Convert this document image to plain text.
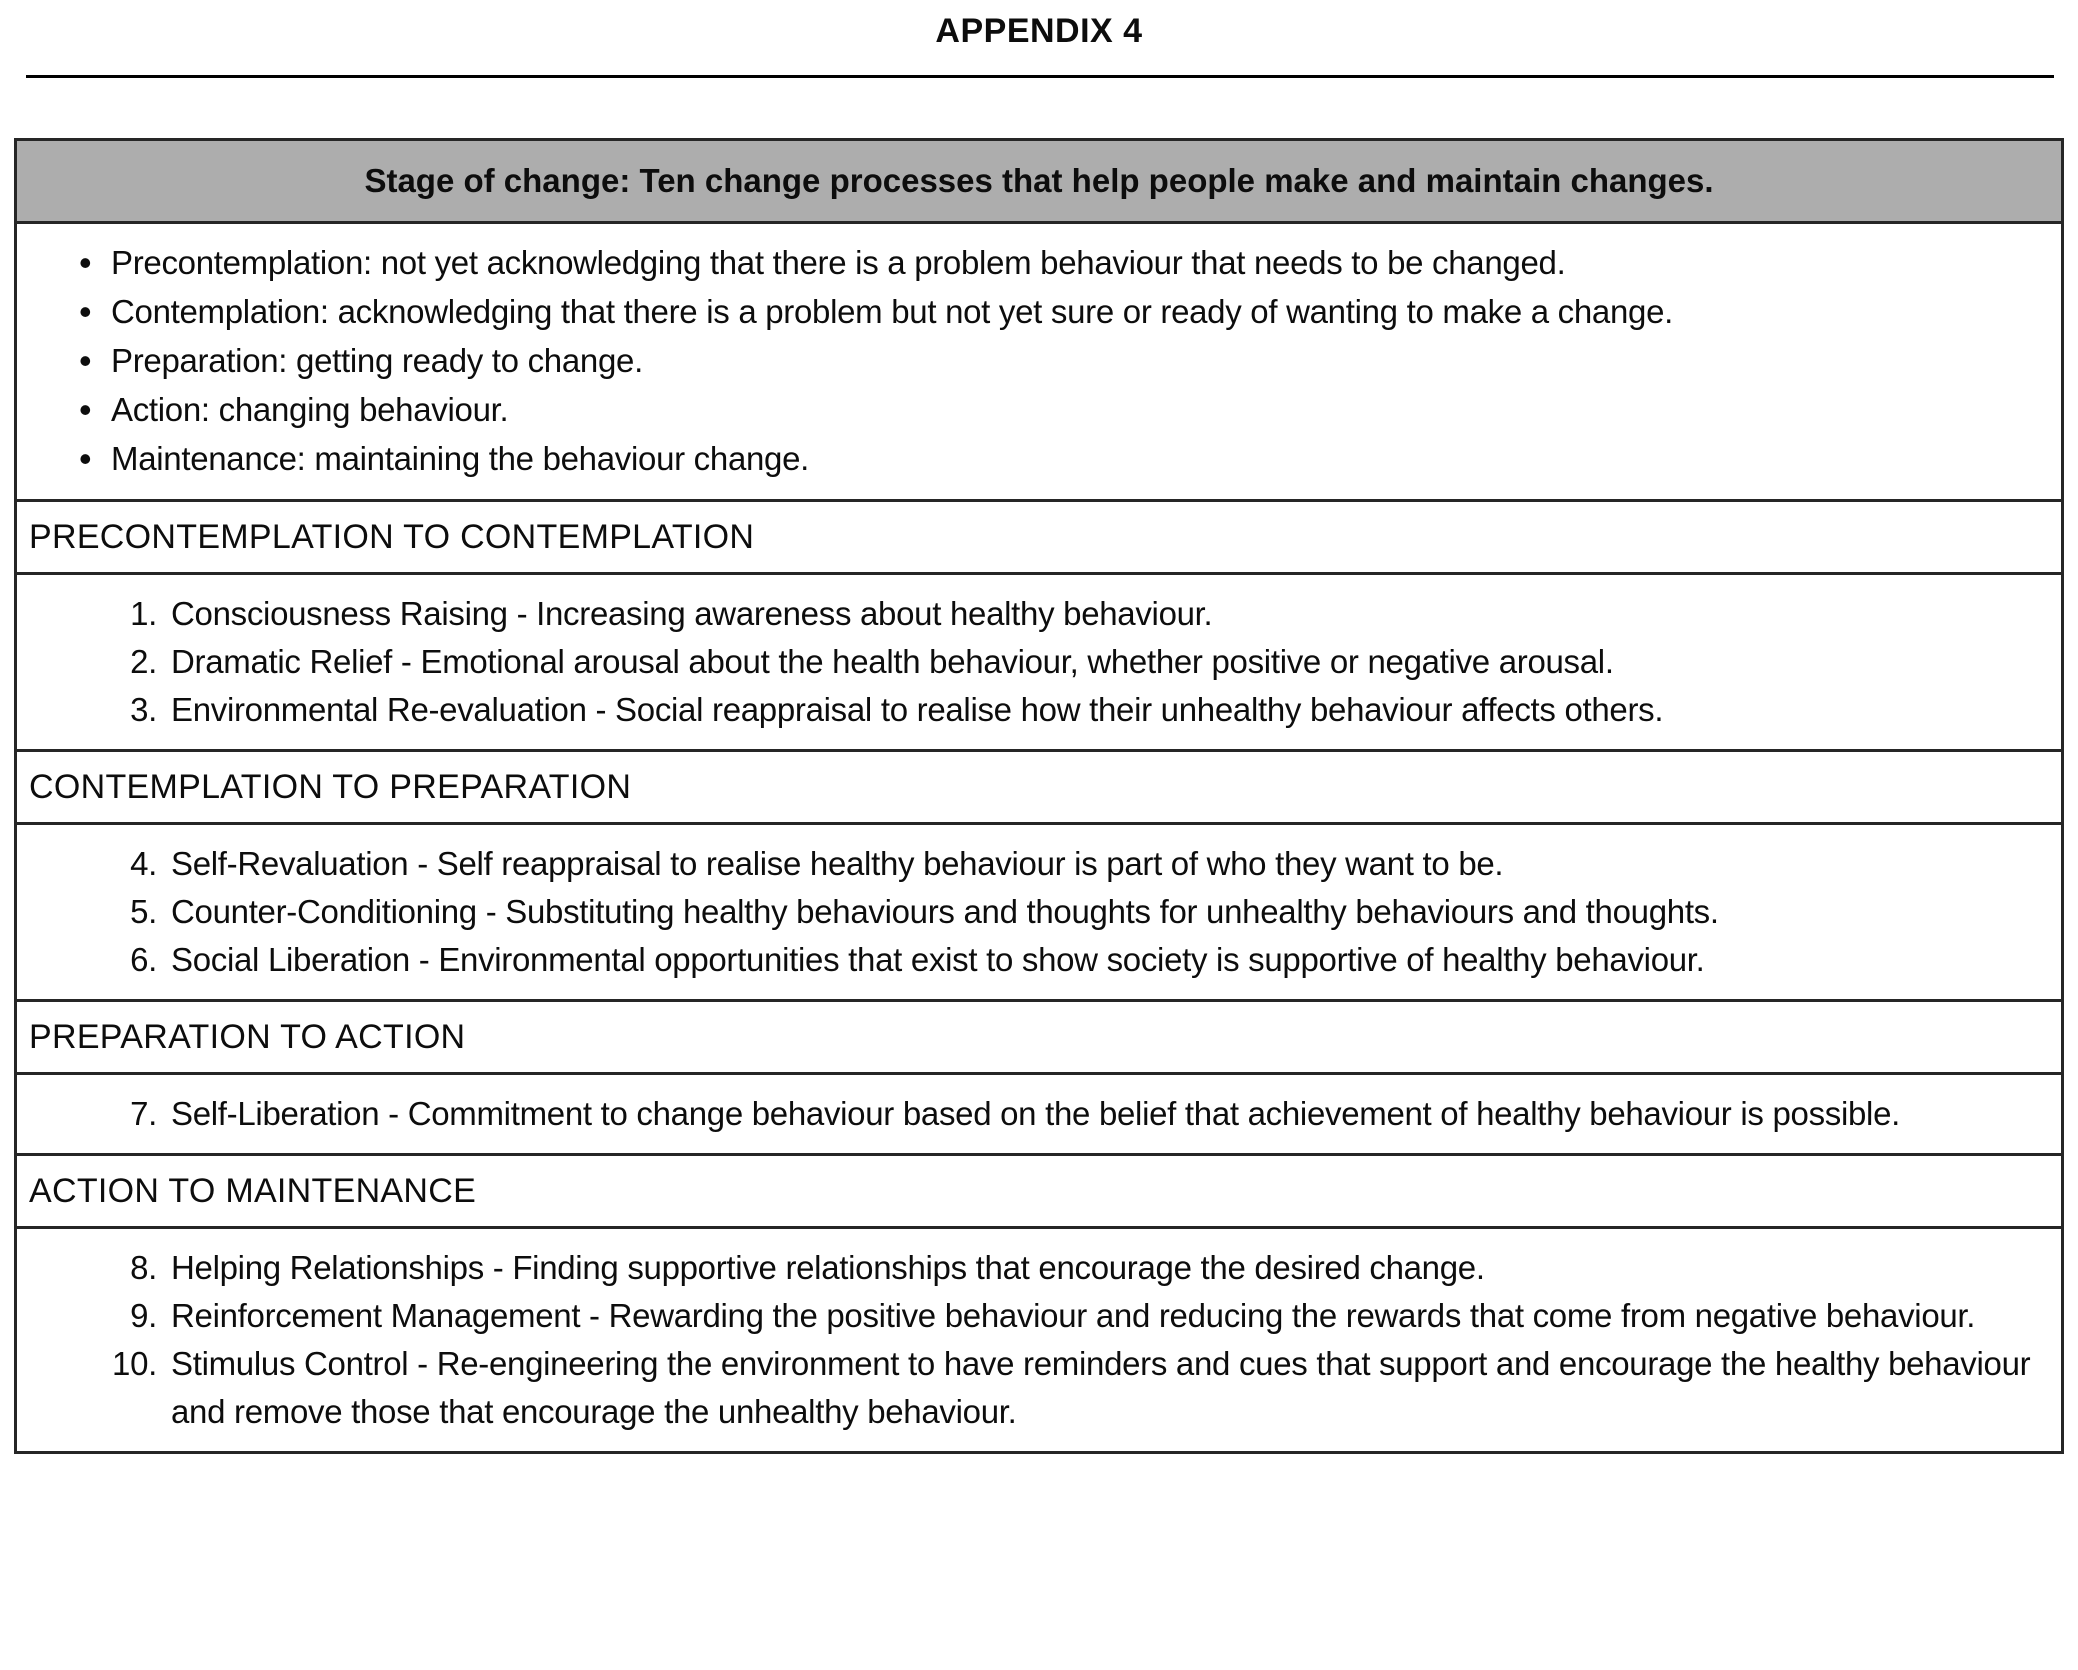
APPENDIX 4
Stage of change: Ten change processes that help people make and maintain changes.
•
Precontemplation: not yet acknowledging that there is a problem behaviour that needs to be changed.
•
Contemplation: acknowledging that there is a problem but not yet sure or ready of wanting to make a change.
•
Preparation: getting ready to change.
•
Action: changing behaviour.
•
Maintenance: maintaining the behaviour change.
PRECONTEMPLATION TO CONTEMPLATION
1. Consciousness Raising - Increasing awareness about healthy behaviour.
2. Dramatic Relief - Emotional arousal about the health behaviour, whether positive or negative arousal.
3. Environmental Re-evaluation - Social reappraisal to realise how their unhealthy behaviour affects others.
CONTEMPLATION TO PREPARATION
4. Self-Revaluation - Self reappraisal to realise healthy behaviour is part of who they want to be.
5. Counter-Conditioning - Substituting healthy behaviours and thoughts for unhealthy behaviours and thoughts.
6. Social Liberation - Environmental opportunities that exist to show society is supportive of healthy behaviour.
PREPARATION TO ACTION
7. Self-Liberation - Commitment to change behaviour based on the belief that achievement of healthy behaviour is possible.
ACTION TO MAINTENANCE
8. Helping Relationships - Finding supportive relationships that encourage the desired change.
9. Reinforcement Management - Rewarding the positive behaviour and reducing the rewards that come from negative behaviour.
10. Stimulus Control - Re-engineering the environment to have reminders and cues that support and encourage the healthy behaviour and remove those that encourage the unhealthy behaviour.
